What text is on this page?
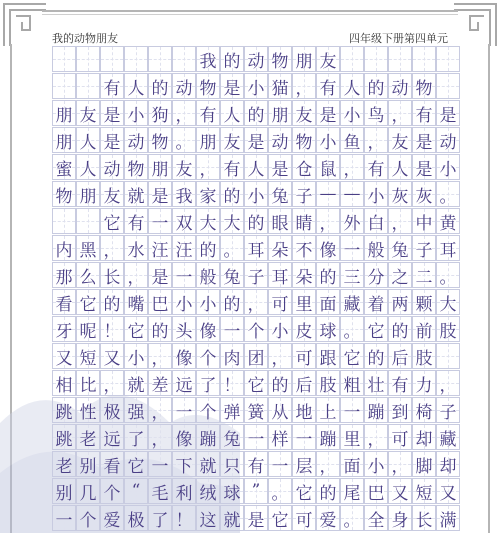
我的动物朋友	四年级下册第四单元
我 的 动 物 朋 友
有 人 的 动 物 是 小 猫 ， 有 人 的 动 物
朋 友 是 小 狗 ， 有 人 的 朋 友 是 小 鸟 ， 有 是
朋 人 是 动 物 。 朋 友 是 动 物 小 鱼 ， 友 是 动
蜜 人 动 物 朋 友 ， 有 人 是 仓 鼠 ， 有 人 是 小
物 朋 友 就 是 我 家 的 小 兔 子 — — 小 灰 灰 。
它 有 一 双 大 大 的 眼 睛 ， 外 白 ， 中 黄
内 黑 ， 水 汪 汪 的 。 耳 朵 不 像 一 般 兔 子 耳
那 么 长 ， 是 一 般 兔 子 耳 朵 的 三 分 之 二 。
看 它 的 嘴 巴 小 小 的 ， 可 里 面 藏 着 两 颗 大
牙 呢 ！ 它 的 头 像 一 个 小 皮 球 。 它 的 前 肢
又 短 又 小 ， 像 个 肉 团 ， 可 跟 它 的 后 肢
相 比 ， 就 差 远 了 ！ 它 的 后 肢 粗 壮 有 力 ，
跳 性 极 强 ， 一 个 弹 簧 从 地 上 一 蹦 到 椅 子
跳 老 远 了 ， 像 蹦 兔 一 样 一 蹦 里 ， 可 却 藏
老 别 看 它 一 下 就 只 有 一 层 ， 面 小 ， 脚 却
别 几 个 “ 毛 利 绒 球 ” 。 它 的 尾 巴 又 短 又
一 个 爱 极 了 ！ 这 就 是 它 可 爱 。 全 身 长 满
